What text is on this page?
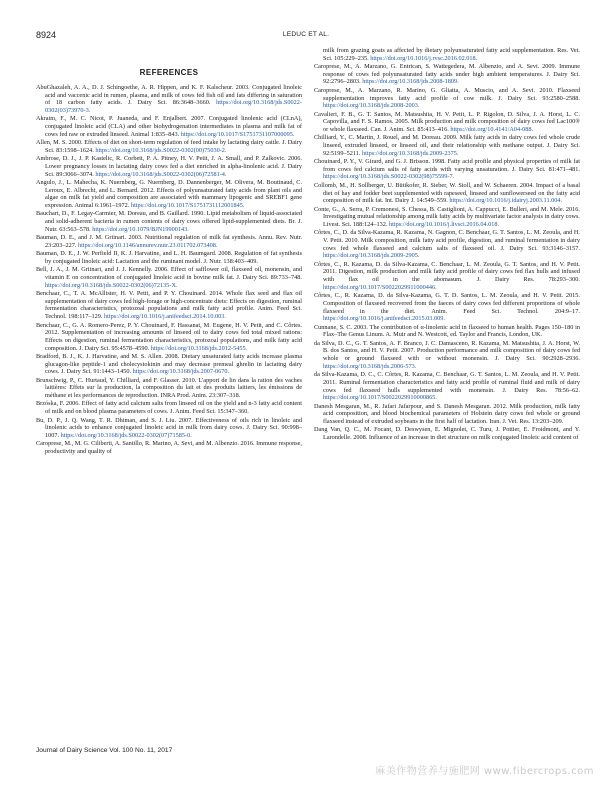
8924	LEDUC ET AL.
REFERENCES
AbuGhazaleh, A. A., D. J. Schingoethe, A. R. Hippen, and K. F. Kalscheur. 2003. Conjugated linoleic acid and vaccenic acid in rumen, plasma, and milk of cows fed fish oil and fats differing in saturation of 18 carbon fatty acids. J. Dairy Sci. 86:3648–3660. https://doi.org/10.3168/jds.S0022-0302(03)73970-3.
Akraim, F., M. C. Nicot, P. Juaneda, and F. Enjalbert. 2007. Conjugated linolenic acid (CLnA), conjugated linoleic acid (CLA) and other biohydrogenation intermediates in plasma and milk fat of cows fed raw or extruded linseed. Animal 1:835–843. https://doi.org/10.1017/S1751731107000095.
Allen, M. S. 2000. Effects of diet on short-term regulation of feed intake by lactating dairy cattle. J. Dairy Sci. 83:1598–1624. https://doi.org/10.3168/jds.S0022-0302(00)75030-2.
Ambrose, D. J., J. P. Kastelic, R. Corbett, P. A. Pitney, H. V. Petit, J. A. Small, and P. Zalkovic. 2006. Lower pregnancy losses in lactating dairy cows fed a diet enriched in alpha-linolenic acid. J. Dairy Sci. 89:3066–3074. https://doi.org/10.3168/jds.S0022-0302(06)72581-4.
Angulo, J., L. Mahecha, K. Nuernberg, G. Nuernberg, D. Dannenberger, M. Olivera, M. Boutinaud, C. Leroux, E. Albrecht, and L. Bernard. 2012. Effects of polyunsaturated fatty acids from plant oils and algae on milk fat yield and composition are associated with mammary lipogenic and SREBF1 gene expression. Animal 6:1961–1972. https://doi.org/10.1017/S1751731112001845.
Bauchart, D., F. Legay-Carmier, M. Doreau, and B. Gaillard. 1990. Lipid metabolism of liquid-associated and solid-adherent bacteria in rumen contents of dairy cows offered lipid-supplemented diets. Br. J. Nutr. 63:563–578. https://doi.org/10.1079/BJN19900143.
Bauman, D. E., and J. M. Griinari. 2003. Nutritional regulation of milk fat synthesis. Annu. Rev. Nutr. 23:203–227. https://doi.org/10.1146/annurev.nutr.23.011702.073408.
Bauman, D. E., J. W. Perfield II, K. J. Harvatine, and L. H. Baumgard. 2008. Regulation of fat synthesis by conjugated linoleic acid: Lactation and the ruminant model. J. Nutr. 138:403–409.
Bell, J. A., J. M. Griinari, and J. J. Kennelly. 2006. Effect of safflower oil, flaxseed oil, monensin, and vitamin E on concentration of conjugated linoleic acid in bovine milk fat. J. Dairy Sci. 89:733–748. https://doi.org/10.3168/jds.S0022-0302(06)72135-X.
Benchaar, C., T. A. McAllister, H. V. Petit, and P. Y. Chouinard. 2014. Whole flax seed and flax oil supplementation of dairy cows fed high-forage or high-concentrate diets: Effects on digestion, ruminal fermentation characteristics, protozoal populations and milk fatty acid profile. Anim. Feed Sci. Technol. 198:117–129. https://doi.org/10.1016/j.anifeedsci.2014.10.003.
Benchaar, C., G. A. Romero-Perez, P. Y. Chouinard, F. Hassanat, M. Eugene, H. V. Petit, and C. Côrtes. 2012. Supplementation of increasing amounts of linseed oil to dairy cows fed total mixed rations: Effects on digestion, ruminal fermentation characteristics, protozoal populations, and milk fatty acid composition. J. Dairy Sci. 95:4578–4590. https://doi.org/10.3168/jds.2012-5455.
Bradford, B. J., K. J. Harvatine, and M. S. Allen. 2008. Dietary unsaturated fatty acids increase plasma glucagon-like peptide-1 and cholecystokinin and may decrease premeal ghrelin in lactating dairy cows. J. Dairy Sci. 91:1443–1450. https://doi.org/10.3168/jds.2007-0670.
Brunschwig, P., C. Hurtaud, Y. Chilliard, and F. Glasser. 2010. L'apport de lin dans la ration des vaches laitières: Effets sur la production, la composition du lait et des produits laitiers, les émissions de méthane et les performances de reproduction. INRA Prod. Anim. 23:307–318.
Brzóska, F. 2006. Effect of fatty acid calcium salts from linseed oil on the yield and n-3 fatty acid content of milk and on blood plasma parameters of cows. J. Anim. Feed Sci. 15:347–360.
Bu, D. P., J. Q. Wang, T. R. Dhiman, and S. J. Liu. 2007. Effectiveness of oils rich in linoleic and linolenic acids to enhance conjugated linoleic acid in milk from dairy cows. J. Dairy Sci. 90:998–1007. https://doi.org/10.3168/jds.S0022-0302(07)71585-0.
Caroprese, M., M. G. Ciliberti, A. Santillo, R. Marino, A. Sevi, and M. Albenzio. 2016. Immune response, productivity and quality of
milk from grazing goats as affected by dietary polyunsaturated fatty acid supplementation. Res. Vet. Sci. 105:229–235. https://doi.org/10.1016/j.rvsc.2016.02.018.
Caroprese, M., A. Marzano, G. Entrican, S. Wattegedera, M. Albenzio, and A. Sevi. 2009. Immune response of cows fed polyunsaturated fatty acids under high ambient temperatures. J. Dairy Sci. 92:2796–2803. https://doi.org/10.3168/jds.2008-1809.
Caroprese, M., A. Marzano, R. Marino, G. Gliatta, A. Muscio, and A. Sevi. 2010. Flaxseed supplementation improves fatty acid profile of cow milk. J. Dairy Sci. 93:2580–2588. https://doi.org/10.3168/jds.2008-2003.
Cavalieri, F. B., G. T. Santos, M. Matsushita, H. V. Petit, L. P. Rigolon, D. Silva, J. A. Horst, L. C. Capovilla, and F. S. Ramos. 2005. Milk production and milk composition of dairy cows fed Lac100® or whole flaxseed. Can. J. Anim. Sci. 85:413–416. https://doi.org/10.4141/A04-088.
Chilliard, Y., C. Martin, J. Rouel, and M. Doreau. 2009. Milk fatty acids in dairy cows fed whole crude linseed, extruded linseed, or linseed oil, and their relationship with methane output. J. Dairy Sci. 92:5199–5211. https://doi.org/10.3168/jds.2009-2375.
Chouinard, P. Y., V. Girard, and G. J. Brisson. 1998. Fatty acid profile and physical properties of milk fat from cows fed calcium salts of fatty acids with varying unsaturation. J. Dairy Sci. 81:471–481. https://doi.org/10.3168/jds.S0022-0302(98)75599-7.
Collomb, M., H. Sollberger, U. Bütikofer, R. Sieber, W. Stoll, and W. Schaeren. 2004. Impact of a basal diet of hay and fodder beet supplemented with rapeseed, linseed and sunflowerseed on the fatty acid composition of milk fat. Int. Dairy J. 14:549–559. https://doi.org/10.1016/j.idairyj.2003.11.004.
Conte, G., A. Serra, P. Cremonesi, S. Chessa, B. Castiglioni, A. Cappucci, E. Bulleri, and M. Mele. 2016. Investigating mutual relationship among milk fatty acids by multivariate factor analysis in dairy cows. Livest. Sci. 188:124–132. https://doi.org/10.1016/j.livsci.2016.04.018.
Côrtes, C., D. da Silva-Kazama, R. Kazama, N. Gagnon, C. Benchaar, G. T. Santos, L. M. Zeoula, and H. V. Petit. 2010. Milk composition, milk fatty acid profile, digestion, and ruminal fermentation in dairy cows fed whole flaxseed and calcium salts of flaxseed oil. J. Dairy Sci. 93:3146–3157. https://doi.org/10.3168/jds.2009-2905.
Côrtes, C., R. Kazama, D. da Silva-Kazama, C. Benchaar, L. M. Zeoula, G. T. Santos, and H. V. Petit. 2011. Digestion, milk production and milk fatty acid profile of dairy cows fed flax hulls and infused with flax oil in the abomasum. J. Dairy Res. 78:293–300. https://doi.org/10.1017/S0022029911000446.
Côrtes, C., R. Kazama, D. da Silva-Kazama, G. T. D. Santos, L. M. Zeoula, and H. V. Petit. 2015. Composition of flaxseed recovered from the faeces of dairy cows fed different proportions of whole flaxseed in the diet. Anim. Feed Sci. Technol. 204:9–17. https://doi.org/10.1016/j.anifeedsci.2015.03.009.
Cunnane, S. C. 2003. The contribution of α-linolenic acid in flaxseed to human health. Pages 150–180 in Flax–The Genus Linum. A. Muir and N. Westcott, ed. Taylor and Francis, London, UK.
da Silva, D. C., G. T. Santos, A. F. Branco, J. C. Damasceno, R. Kazama, M. Matsushita, J. A. Horst, W. B. dos Santos, and H. V. Petit. 2007. Production performance and milk composition of dairy cows fed whole or ground flaxseed with or without monensin. J. Dairy Sci. 90:2928–2936. https://doi.org/10.3168/jds.2006-573.
da Silva-Kazama, D. C., C. Côrtes, R. Kazama, C. Benchaar, G. T. Santos, L. M. Zeoula, and H. V. Petit. 2011. Ruminal fermentation characteristics and fatty acid profile of ruminal fluid and milk of dairy cows fed flaxseed hulls supplemented with monensin. J. Dairy Res. 78:56–62. https://doi.org/10.1017/S0022029910000865.
Danesh Mesgaran, M., R. Jafari Jafarpour, and S. Danesh Mesgaran. 2012. Milk production, milk fatty acid composition, and blood biochemical parameters of Holstein dairy cows fed whole or ground flaxseed instead of extruded soybeans in the first half of lactation. Iran. J. Vet. Res. 13:203–209.
Dang Van, Q. C., M. Focant, D. Deswysen, E. Mignolet, C. Turu, J. Pottier, E. Froidmont, and Y. Larondelle. 2008. Influence of an increase in diet structure on milk conjugated linoleic acid content of
Journal of Dairy Science Vol. 100 No. 11, 2017
麻美作物营养与施肥网 www.fibercrops.com
